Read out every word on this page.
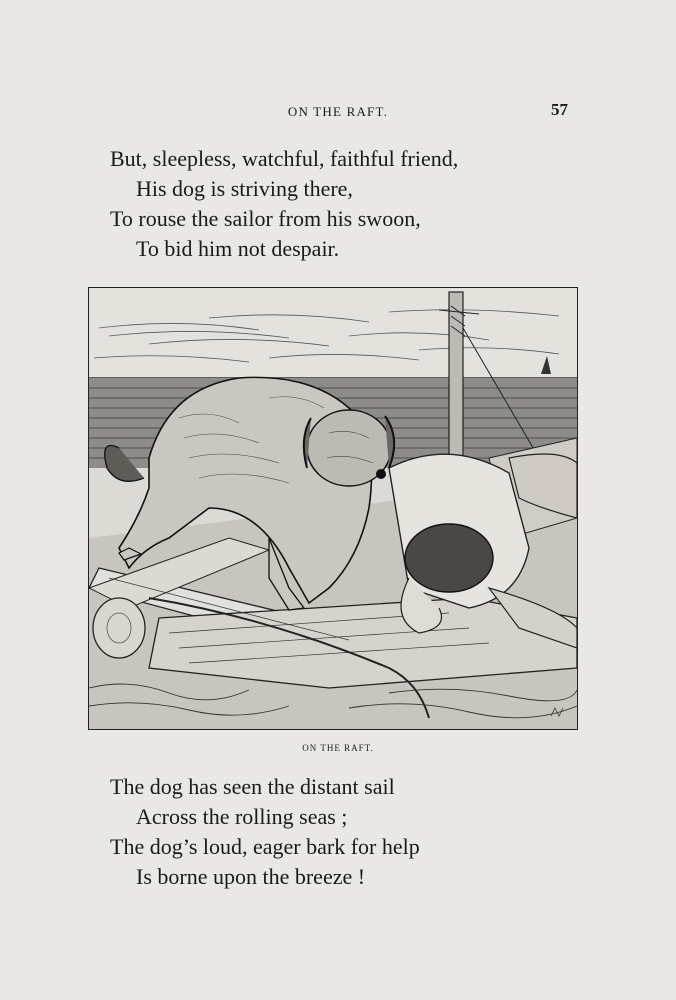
ON THE RAFT.	57
But, sleepless, watchful, faithful friend,
His dog is striving there,
To rouse the sailor from his swoon,
To bid him not despair.
ON THE RAFT.
The dog has seen the distant sail
Across the rolling seas ;
The dog’s loud, eager bark for help
Is borne upon the breeze !
